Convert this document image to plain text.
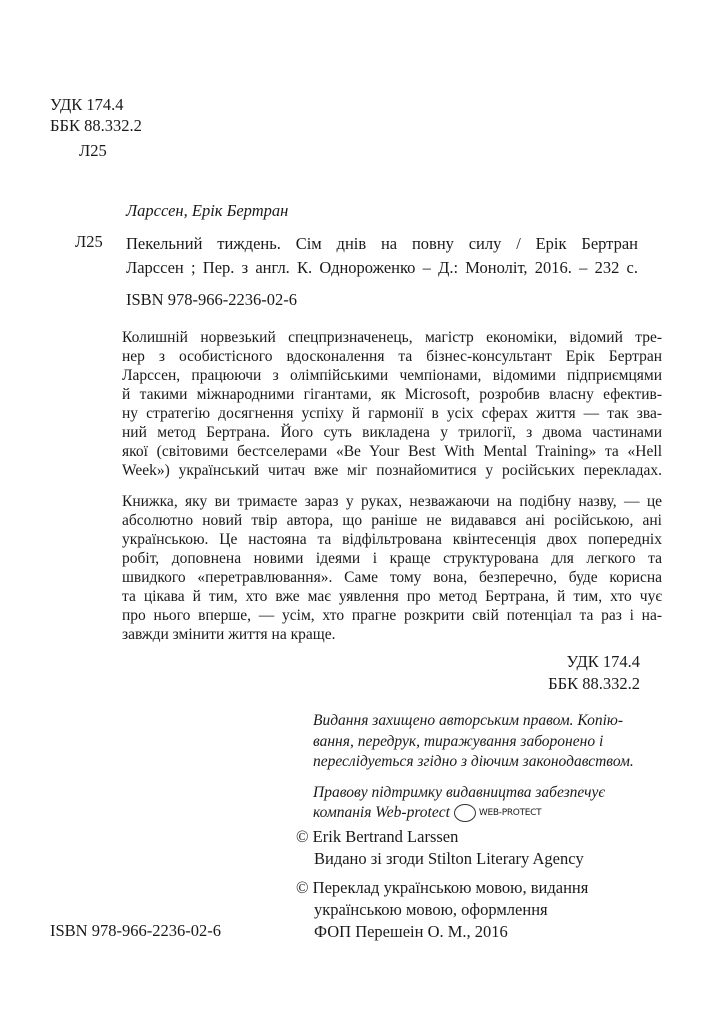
УДК 174.4
ББК 88.332.2
Л25
Ларссен, Ерік Бертран
Л25 Пекельний тиждень. Сім днів на повну силу / Ерік Бертран
Ларссен ; Пер. з англ. К. Однороженко – Д.: Моноліт, 2016. – 232 с.
ISBN 978-966-2236-02-6
Колишній норвезький спецпризначенець, магістр економіки, відомий тре-
нер з особистісного вдосконалення та бізнес-консультант Ерік Бертран
Ларссен, працюючи з олімпійськими чемпіонами, відомими підприємцями
й такими міжнародними гігантами, як Microsoft, розробив власну ефектив-
ну стратегію досягнення успіху й гармонії в усіх сферах життя — так зва-
ний метод Бертрана. Його суть викладена у трилогії, з двома частинами
якої (світовими бестселерами «Be Your Best With Mental Training» та «Hell
Week») український читач вже міг познайомитися у російських перекладах.
Книжка, яку ви тримаєте зараз у руках, незважаючи на подібну назву, — це
абсолютно новий твір автора, що раніше не видавався ані російською, ані
українською. Це настояна та відфільтрована квінтесенція двох попередніх
робіт, доповнена новими ідеями і краще структурована для легкого та
швидкого «перетравлювання». Саме тому вона, безперечно, буде корисна
та цікава й тим, хто вже має уявлення про метод Бертрана, й тим, хто чує
про нього вперше, — усім, хто прагне розкрити свій потенціал та раз і на-
завжди змінити життя на краще.
УДК 174.4
ББК 88.332.2
Видання захищено авторським правом. Копію-
вання, передрук, тиражування заборонено і
переслідуеться згідно з діючим законодавством.
Правову підтримку видавництва забезпечує
компанія Web-protect	WEB-PROTECT
© Erik Bertrand Larssen
Видано зі згоди Stilton Literary Agency
© Переклад українською мовою, видання
українською мовою, оформлення
ФОП Перешеін О. М., 2016
ISBN 978-966-2236-02-6
